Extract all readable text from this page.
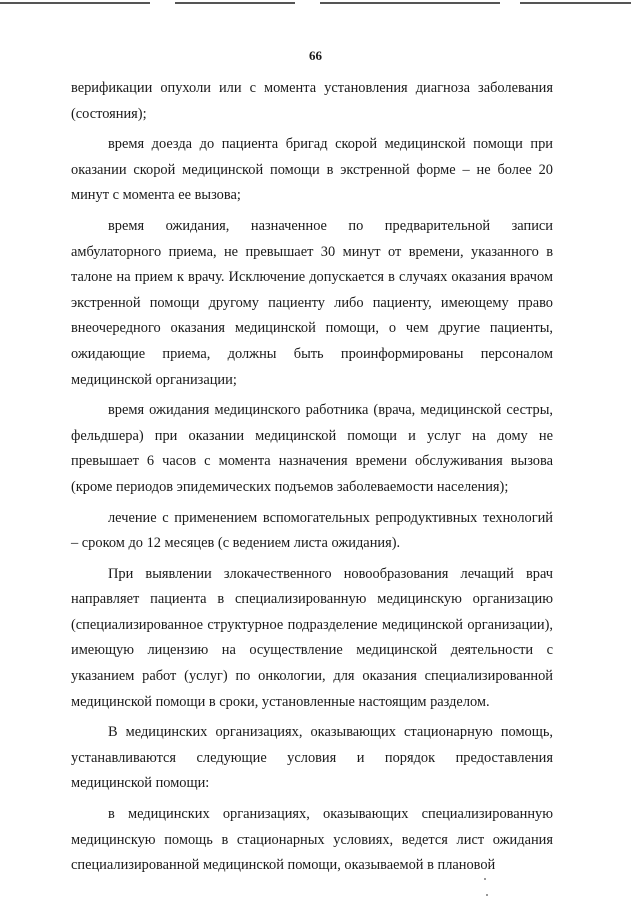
66

верификации опухоли или с момента установления диагноза заболевания (состояния);

время доезда до пациента бригад скорой медицинской помощи при оказании скорой медицинской помощи в экстренной форме – не более 20 минут с момента ее вызова;

время ожидания, назначенное по предварительной записи амбулаторного приема, не превышает 30 минут от времени, указанного в талоне на прием к врачу. Исключение допускается в случаях оказания врачом экстренной помощи другому пациенту либо пациенту, имеющему право внеочередного оказания медицинской помощи, о чем другие пациенты, ожидающие приема, должны быть проинформированы персоналом медицинской организации;

время ожидания медицинского работника (врача, медицинской сестры, фельдшера) при оказании медицинской помощи и услуг на дому не превышает 6 часов с момента назначения времени обслуживания вызова (кроме периодов эпидемических подъемов заболеваемости населения);

лечение с применением вспомогательных репродуктивных технологий – сроком до 12 месяцев (с ведением листа ожидания).

При выявлении злокачественного новообразования лечащий врач направляет пациента в специализированную медицинскую организацию (специализированное структурное подразделение медицинской организации), имеющую лицензию на осуществление медицинской деятельности с указанием работ (услуг) по онкологии, для оказания специализированной медицинской помощи в сроки, установленные настоящим разделом.

В медицинских организациях, оказывающих стационарную помощь, устанавливаются следующие условия и порядок предоставления медицинской помощи:

в медицинских организациях, оказывающих специализированную медицинскую помощь в стационарных условиях, ведется лист ожидания специализированной медицинской помощи, оказываемой в плановой
